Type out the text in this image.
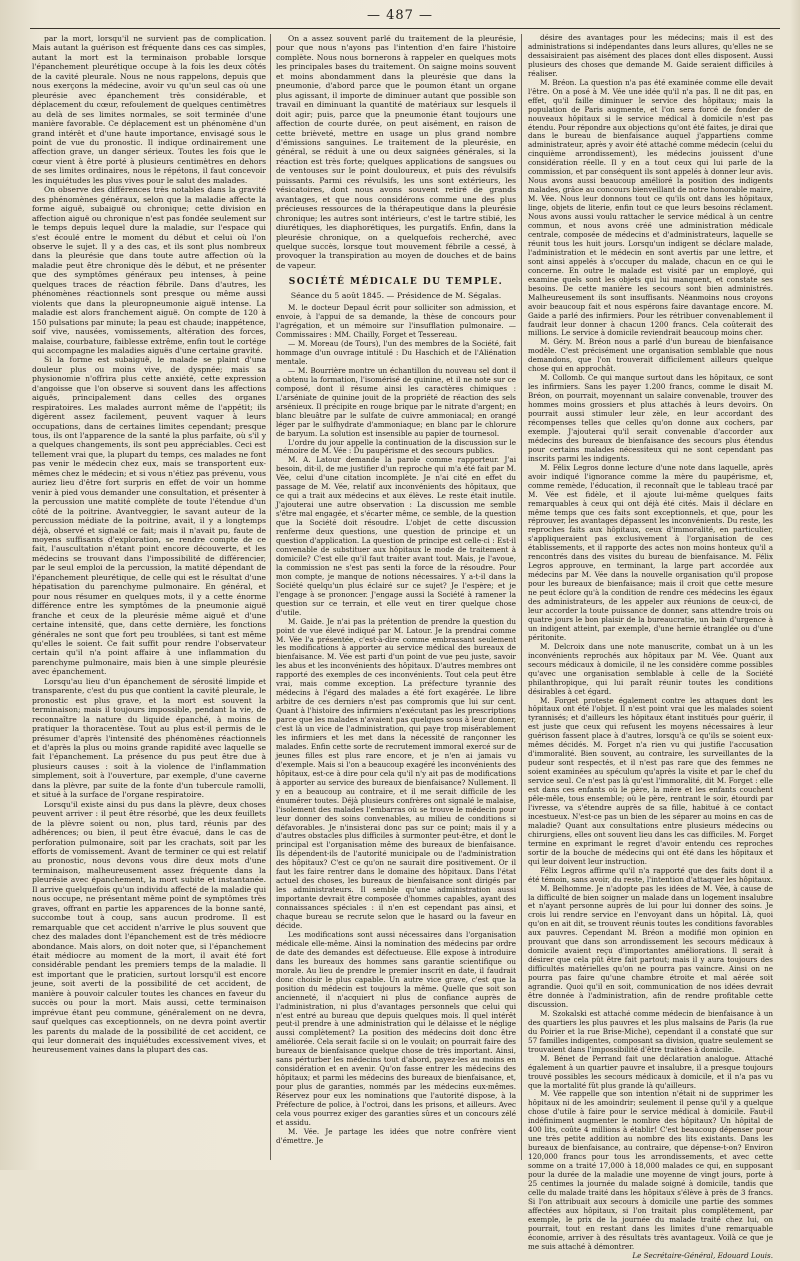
— 487 —

par la mort, lorsqu'il ne survient pas de complication. Mais autant la guérison est fréquente dans ces cas simples, autant la mort est la terminaison probable lorsque l'épanchement pleurétique occupe à la fois les deux côtés de la cavité pleurale. Nous ne nous rappelons, depuis que nous exerçons la médecine, avoir vu qu'un seul cas où une pleurésie avec épanchement très considérable, et déplacement du cœur, refoulement de quelques centimètres au delà de ses limites normales, se soit terminée d'une manière favorable. Ce déplacement est un phénomène d'un grand intérêt et d'une haute importance, envisagé sous le point de vue du pronostic. Il indique ordinairement une affection grave, un danger sérieux. Toutes les fois que le cœur vient à être porté à plusieurs centimètres en dehors de ses limites ordinaires, nous le répétons, il faut concevoir les inquiétudes les plus vives pour le salut des malades.

On observe des différences très notables dans la gravité des phénomènes généraux, selon que la maladie affecte la forme aiguë, subaiguë ou chronique; cette division en affection aiguë ou chronique n'est pas fondée seulement sur le temps depuis lequel dure la maladie, sur l'espace qui s'est écoulé entre le moment du début et celui où l'on observe le sujet. Il y a des cas, et ils sont plus nombreux dans la pleurésie que dans toute autre affection où la maladie peut être chronique dès le début, et ne présenter que des symptômes généraux peu intenses, à peine quelques traces de réaction fébrile. Dans d'autres, les phénomènes réactionnels sont presque ou même aussi violents que dans la pleuropneumonie aiguë intense. La maladie est alors franchement aiguë. On compte de 120 à 150 pulsations par minute; la peau est chaude; inappétence, soif vive, nausées, vomissements, altération des forces, malaise, courbature, faiblesse extrême, enfin tout le cortége qui accompagne les maladies aiguës d'une certaine gravité.

Si la forme est subaiguë, le malade se plaint d'une douleur plus ou moins vive, de dyspnée; mais sa physionomie n'offrira plus cette anxiété, cette expression d'angoisse que l'on observe si souvent dans les affections aiguës, principalement dans celles des organes respiratoires. Les malades aurront même de l'appétit; ils digèrent assez facilement, peuvent vaquer à leurs occupations, dans de certaines limites cependant; presque tous, ils ont l'apparence de la santé la plus parfaite, où s'il y a quelques changements, ils sont peu appréciables. Ceci est tellement vrai que, la plupart du temps, ces malades ne font pas venir le médecin chez eux, mais se transportent eux-mêmes chez le médecin; et si vous n'étiez pas prévenu, vous auriez lieu d'être fort surpris en effet de voir un homme venir à pied vous demander une consultation, et présenter à la percussion une matité complète de toute l'étendue d'un côté de la poitrine. Avantveggier, le savant auteur de la percussion médiate de la poitrine, avait, il y a longtemps déjà, observé et signalé ce fait; mais il n'avait pu, faute de moyens suffisants d'exploration, se rendre compte de ce fait, l'auscultation n'étant point encore découverte, et les médecins se trouvant dans l'impossibilité de différencier, par le seul emploi de la percussion, la matité dépendant de l'épanchement pleurétique, de celle qui est le résultat d'une hépatisation du parenchyme pulmonaire. En général, et pour nous résumer en quelques mots, il y a cette énorme différence entre les symptômes de la pneumonie aiguë franche et ceux de la pleurésie même aiguë et d'une certaine intensité, que, dans cette dernière, les fonctions générales ne sont que fort peu troublées, si tant est même qu'elles le soient. Ce fait suffit pour rendre l'observateur certain qu'il n'a point affaire à une inflammation du parenchyme pulmonaire, mais bien à une simple pleurésie avec épanchement.

Lorsqu'au lieu d'un épanchement de sérosité limpide et transparente, c'est du pus que contient la cavité pleurale, le pronostic est plus grave, et la mort est souvent la terminaison; mais il toujours impossible, pendant la vie, de reconnaître la nature du liquide épanché, à moins de pratiquer la thoracentèse. Tout au plus est-il permis de le présumer d'après l'intensité des phénomènes réactionnels et d'après la plus ou moins grande rapidité avec laquelle se fait l'épanchement. La présence du pus peut être due à plusieurs causes : soit à la violence de l'inflammation simplement, soit à l'ouverture, par exemple, d'une caverne dans la plèvre, par suite de la fonte d'un tubercule ramolli, et situé à la surface de l'organe respiratoire.

Lorsqu'il existe ainsi du pus dans la plèvre, deux choses peuvent arriver : il peut être résorbé, que les deux feuillets de la plèvre soient ou non, plus tard, réunis par des adhérences; ou bien, il peut être évacué, dans le cas de perforation pulmonaire, soit par les crachats, soit par les efforts de vomissement. Avant de terminer ce qui est relatif au pronostic, nous devons vous dire deux mots d'une terminaison, malheureusement assez fréquente dans la pleurésie avec épanchement, la mort subite et instantanée. Il arrive quelquefois qu'un individu affecté de la maladie qui nous occupe, ne présentant même point de symptômes très graves, offrant en partie les apparences de la bonne santé, succombe tout à coup, sans aucun prodrome. Il est remarquable que cet accident n'arrive le plus souvent que chez des malades dont l'épanchement est de très médiocre abondance. Mais alors, on doit noter que, si l'épanchement était médiocre au moment de la mort, il avait été fort considérable pendant les premiers temps de la maladie. Il est important que le praticien, surtout lorsqu'il est encore jeune, soit averti de la possibilité de cet accident, de manière à pouvoir calculer toutes les chances en faveur du succès ou pour la mort. Mais aussi, cette terminaison imprévue étant peu commune, généralement on ne devra, sauf quelques cas exceptionnels, on ne devra point avertir les parents du malade de la possibilité de cet accident, ce qui leur donnerait des inquiétudes excessivement vives, et heureusement vaines dans la plupart des cas.

On a assez souvent parlé du traitement de la pleurésie, pour que nous n'ayons pas l'intention d'en faire l'histoire complète. Nous nous bornerons à rappeler en quelques mots les principales bases du traitement. On saigne moins souvent et moins abondamment dans la pleurésie que dans la pneumonie, d'abord parce que le poumon étant un organe plus agissant, il importe de diminuer autant que possible son travail en diminuant la quantité de matériaux sur lesquels il doit agir; puis, parce que la pneumonie étant toujours une affection de courte durée, on peut aisément, en raison de cette brièveté, mettre en usage un plus grand nombre d'émissions sanguines. Le traitement de la pleurésie, en général, se réduit à une ou deux saignées générales, si la réaction est très forte; quelques applications de sangsues ou de ventouses sur le point douloureux, et puis des révulsifs puissants. Parmi ces révulsifs, les uns sont extérieurs, les vésicatoires, dont nous avons souvent retiré de grands avantages, et que nous considérons comme une des plus précieuses ressources de la thérapeutique dans la pleurésie chronique; les autres sont intérieurs, c'est le tartre stibié, les diurétiques, les diaphorétiques, les purgatifs. Enfin, dans la pleurésie chronique, on a quelquefois recherché, avec quelque succès, lorsque tout mouvement fébrile a cessé, à provoquer la transpiration au moyen de douches et de bains de vapeur.

SOCIÉTÉ MÉDICALE DU TEMPLE.
Séance du 5 août 1845. — Présidence de M. Ségalas.

M. le docteur Depaul écrit pour solliciter son admission, et envoie, à l'appui de sa demande, la thèse de concours pour l'agrégation, et un mémoire sur l'insufflation pulmonaire. — Commissaires : MM. Chailly, Forget et Tessereau.

— M. Moreau (de Tours), l'un des membres de la Société, fait hommage d'un ouvrage intitulé : Du Haschich et de l'Aliénation mentale.

— M. Bourrière montre un échantillon du nouveau sel dont il a obtenu la formation, l'isomérisé de quinine, et il ne note sur ce composé, dont il résume ainsi les caractères chimiques : L'arséniate de quinine jouit de la propriété de réaction des sels arsénieux. Il précipite en rouge brique par le nitrate d'argent; en blanc bleuâtre par le sulfate de cuivre ammoniacal; en orangé léger par le sulfhydrate d'ammoniaque; en blanc par le chlorure de baryum. La solution est insensible au papier de tournesol.

L'ordre du jour appelle la continuation de la discussion sur le mémoire de M. Vée : Du paupérisme et des secours publics.

M. A. Latour demande la parole comme rapporteur. J'ai besoin, dit-il, de me justifier d'un reproche qui m'a été fait par M. Vée, celui d'une citation incomplète. Je n'ai cité en effet du passage de M. Vée, relatif aux inconvénients des hôpitaux, que ce qui a trait aux médecins et aux élèves. Le reste était inutile. J'ajouterai une autre observation : La discussion me semble s'être mal engagée, et s'écarter même, ce semble, de la question que la Société doit résoudre. L'objet de cette discussion renferme deux questions, une question de principe et un question d'application. La question de principe est celle-ci : Est-il convenable de substituer aux hôpitaux le mode de traitement à domicile? C'est elle qu'il faut traiter avant tout. Mais, je l'avoue, la commission ne s'est pas senti la force de la résoudre. Pour mon compte, je manque de notions nécessaires. Y a-t-il dans la Société quelqu'un plus éclairé sur ce sujet? Je l'espère; et je l'engage à se prononcer. J'engage aussi la Société à ramener la question sur ce terrain, et elle veut en tirer quelque chose d'utile.

M. Gaide. Je n'ai pas la prétention de prendre la question du point de vue élevé indiqué par M. Latour. Je la prendrai comme M. Vée l'a présentée, c'est-à-dire comme embrassant seulement les modifications à apporter au service médical des bureaux de bienfaisance. M. Vée est parti d'un point de vue peu juste, savoir les abus et les inconvénients des hôpitaux. D'autres membres ont rapporté des exemples de ces inconvénients. Tout cela peut être vrai, mais comme exception. La préfecture tyrannie des médecins à l'égard des malades a été fort exagérée. Le libre arbitre de ces derniers n'est pas compromis que lui sur cent. Quant à l'histoire des infirmiers n'exécutant pas les prescriptions parce que les malades n'avaient pas quelques sous à leur donner, c'est là un vice de l'administration, qui paye trop misérablement les infirmiers et les met dans la nécessité de rançonner les malades. Enfin cette sorte de recrutement immoral exercé sur de jeunes filles est plus rare encore, et je n'en ai jamais vu d'exemple. Mais si l'on a beaucoup exagéré les inconvénients des hôpitaux, est-ce à dire pour cela qu'il n'y ait pas de modifications à apporter au service des bureaux de bienfaisance? Nullement. Il y en a beaucoup au contraire, et il me serait difficile de les énumérer toutes. Déjà plusieurs confrères ont signalé le malaise, l'isolement des malades l'embarras où se trouve le médecin pour leur donner des soins convenables, au milieu de conditions si défavorables. Je n'insisterai donc pas sur ce point; mais il y a d'autres obstacles plus difficiles à surmonter peut-être, et dont le principal est l'organisation même des bureaux de bienfaisance. Ils dépendent-ils de l'autorité municipale ou de l'administration des hôpitaux? C'est ce qu'on ne saurait dire positivement. Or il faut les faire rentrer dans le domaine des hôpitaux. Dans l'état actuel des choses, les bureaux de bienfaisance sont dirigés par les administrateurs. Il semble qu'une administration aussi importante devrait être composée d'hommes capables, ayant des connaissances spéciales : il n'en est cependant pas ainsi, et chaque bureau se recrute selon que le hasard ou la faveur en décide.

Les modifications sont aussi nécessaires dans l'organisation médicale elle-même. Ainsi la nomination des médecins par ordre de date des demandes est défectueuse. Elle expose à introduire dans les bureaux des hommes sans garantie scientifique ou morale. Au lieu de prendre le premier inscrit en date, il faudrait donc choisir le plus capable. Un autre vice grave, c'est que la position du médecin est toujours la même. Quelle que soit son ancienneté, il n'acquiert ni plus de confiance auprès de l'administration, ni plus d'avantages personnels que celui qui n'est entré au bureau que depuis quelques mois. Il quel intérêt peut-il prendre à une administration qui le délaisse et le néglige aussi complètement? La position des médecins doit donc être améliorée. Cela serait facile si on le voulait; on pourrait faire des bureaux de bienfaisance quelque chose de très important. Ainsi, sans pérturber les médecins tout d'abord, payez-les au moins en considération et en avenir. Qu'on fasse entrer les médecins des hôpitaux; et parmi les médecins des bureaux de bienfaisance, et, pour plus de garanties, nommés par les médecins eux-mêmes. Réservez pour eux les nominations que l'autorité dispose, à la Préfecture de police, à l'octroi, dans les prisons, et ailleurs. Avec cela vous pourrez exiger des garanties sûres et un concours zélé et assidu.

M. Vée. Je partage les idées que notre confrère vient d'émettre. Je

désire des avantages pour les médecins; mais il est des administrations si indépendantes dans leurs allures, qu'elles ne se dessaisiraient pas aisément des places dont elles disposent. Aussi plusieurs des choses que demande M. Gaide seraient difficiles à réaliser.

M. Bréon. La question n'a pas été examinée comme elle devait l'être. On a posé à M. Vée une idée qu'il n'a pas. Il ne dit pas, en effet, qu'il faille diminuer le service des hôpitaux; mais la population de Paris augmente, et l'on sera forcé de fonder de nouveaux hôpitaux si le service médical à domicile n'est pas étendu. Pour répondre aux objections qu'ont été faites, je dirai que dans le bureau de bienfaisance auquel j'appartiens comme administrateur, après y avoir été attaché comme médecin (celui du cinquième arrondissement), les médecins jouissent d'une considération réelle. Il y en a tout ceux qui lui parle de la commission, et par conséquent ils sont appelés à donner leur avis. Nous avons aussi beaucoup amélioré la position des indigents malades, grâce au concours bienveillant de notre honorable maire, M. Vée. Nous leur donnons tout ce qu'ils ont dans les hôpitaux, linge, objets de literie, enfin tout ce que leurs besoins réclament. Nous avons aussi voulu rattacher le service médical à un centre commun, et nous avons créé une administration médicale centrale, composée de médecins et d'administrateurs, laquelle se réunit tous les huit jours. Lorsqu'un indigent se déclare malade, l'administration et le médecin en sont avertis par une lettre, et sont ainsi appelés à s'occuper du malade, chacun en ce qui le concerne. En outre le malade est visité par un employé, qui examine quels sont les objets qui lui manquent, et constate ses besoins. De cette manière les secours sont bien administrés. Malheureusement ils sont insuffisants. Néanmoins nous croyons avoir beaucoup fait et nous espérons faire davantage encore. M. Gaide a parlé des infirmiers. Pour les rétribuer convenablement il faudrait leur donner à chacun 1200 francs. Cela coûterait des millions. Le service à domicile reviendrait beaucoup moins cher.

M. Géry. M. Bréon nous a parlé d'un bureau de bienfaisance modèle. C'est précisément une organisation semblable que nous demandons, que l'on trouverait difficilement ailleurs quelque chose qui en approchât.

M. Collomb. Ce qui manque surtout dans les hôpitaux, ce sont les infirmiers. Sans les payer 1.200 francs, comme le disait M. Bréon, on pourrait, moyennant un salaire convenable, trouver des hommes moins grossiers et plus attachés à leurs devoirs. On pourrait aussi stimuler leur zèle, en leur accordant des récompenses telles que celles qu'on donne aux cochers, par exemple. J'ajouterai qu'il serait convenable d'accorder aux médecins des bureaux de bienfaisance des secours plus étendus pour certains malades nécessiteux qui ne sont cependant pas inscrits parmi les indigents.

M. Félix Legros donne lecture d'une note dans laquelle, après avoir indiqué l'ignorance comme la mère du paupérisme, et, comme remède, l'éducation, il reconnaît que le tableau tracé par M. Vée est fidèle, et il ajoute lui-même quelques faits remarquables à ceux qui ont déjà été cités. Mais il déclare en même temps que ces faits sont exceptionnels, et que, pour les réprouver, les avantages dépassent les inconvénients. Du reste, les reproches faits aux hôpitaux, ceux d'immoralité, en particulier, s'appliqueraient pas exclusivement à l'organisation de ces établissements, et il rapporte des actes non moins honteux qu'il a rencontrés dans des visites du bureau de bienfaisance. M. Félix Legros approuve, en terminant, la large part accordée aux médecins par M. Vée dans la nouvelle organisation qu'il propose pour les bureaux de bienfaisance; mais il croit que cette mesure ne peut éclore qu'à la condition de rendre ces médecins les égaux des administrateurs, de les appeler aux réunions de ceux-ci, de leur accorder la toute puissance de donner, sans attendre trois ou quatre jours le bon plaisir de la bureaucratie, un bain d'urgence à un indigent atteint, par exemple, d'une hernie étranglée ou d'une péritonite.

M. Delcroix dans une note manuscrite, combat un à un les inconvénients reprochés aux hôpitaux par M. Vée. Quant aux secours médicaux à domicile, il ne les considère comme possibles qu'avec une organisation semblable à celle de la Société philanthropique, qui lui paraît réunir toutes les conditions désirables à cet égard.

M. Forget proteste également contre les attaques dont les hôpitaux ont été l'objet. Il n'est point vrai que les malades soient tyrannisés; et d'ailleurs les hôpitaux étant institués pour guérir, il est juste que ceux qui refusent les moyens nécessaires à leur guérison fassent place à d'autres, lorsqu'à ce qu'ils se soient eux-mêmes décidés. M. Forget n'a rien vu qui justifie l'accusation d'immoralité. Bien souvent, au contraire, les surveillantes de la pudeur sont respectés, et il n'est pas rare que des femmes ne soient examinées au spéculum qu'après la visite et par le chef du service seul. Ce n'est pas là qu'est l'immoralité, dit M. Forget : elle est dans ces enfants où le père, la mère et les enfants couchent pêle-mêle, tous ensemble; où le père, rentrant le soir, étourdi par l'ivresse, va s'étendre auprès de sa fille, habitué à ce contact incestueux. N'est-ce pas un bien de les séparer au moins en cas de maladie? Quant aux consultations entre plusieurs médecins ou chirurgiens, elles ont souvent lieu dans les cas difficiles. M. Forget termine en exprimant le regret d'avoir entendu ces reproches sortir de la bouche de médecins qui ont été dans les hôpitaux et qui leur doivent leur instruction.

Félix Legros affirme qu'il n'a rapporté que des faits dont il a été témoin, sans avoir, du reste, l'intention d'attaquer les hôpitaux.

M. Belhomme. Je n'adopte pas les idées de M. Vée, à cause de la difficulté de bien soigner un malade dans un logement insalubre et n'ayant personne auprès de lui pour lui donner des soins. Je crois lui rendre service en l'envoyant dans un hôpital. Là, quoi qu'on en ait dit, se trouvent réunis toutes les conditions favorables aux pauvres. Cependant M. Bréon a modifié mon opinion en prouvant que dans son arrondissement les secours médicaux à domicile avaient reçu d'importantes améliorations. Il serait à désirer que cela pût être fait partout; mais il y aura toujours des difficultés matérielles qu'on ne pourra pas vaincre. Ainsi on ne pourra pas faire qu'une chambre étroite et mal aérée soit agrandie. Quoi qu'il en soit, communication de nos idées devrait être donnée à l'administration, afin de rendre profitable cette discussion.

M. Szokalski est attaché comme médecin de bienfaisance à un des quartiers les plus pauvres et les plus malsains de Paris (la rue du Poirier et la rue Brise-Miche), cependant il a constaté que sur 57 familles indigentes, composant sa division, quatre seulement se trouvaient dans l'impossibilité d'être traitées à domicile.

M. Bénet de Perrand fait une déclaration analogue. Attaché également à un quartier pauvre et insalubre, il a presque toujours trouvé possibles les secours médicaux à domicile, et il n'a pas vu que la mortalité fût plus grande là qu'ailleurs.

M. Vée rappelle que son intention n'était ni de supprimer les hôpitaux ni de les amoindrir; seulement il pense qu'il y a quelque chose d'utile à faire pour le service médical à domicile. Faut-il indéfiniment augmenter le nombre des hôpitaux? Un hôpital de 400 lits, coûte 4 millions à établir! C'est beaucoup dépenser pour une très petite addition au nombre des lits existants. Dans les bureaux de bienfaisance, au contraire, que dépense-t-on? Environ 120,000 francs pour tous les arrondissements, et avec cette somme on a traité 17,000 à 18,000 malades ce qui, en supposant pour la durée de la maladie une moyenne de vingt jours, porte à 25 centimes la journée du malade soigné à domicile, tandis que celle du malade traité dans les hôpitaux s'élève à près de 3 francs. Si l'on attribuait aux secours à domicile une partie des sommes affectées aux hôpitaux, si l'on traitait plus complètement, par exemple, le prix de la journée du malade traité chez lui, on pourrait, tout en restant dans les limites d'une remarquable économie, arriver à des résultats très avantageux. Voilà ce que je me suis attaché à démontrer.

Le Secrétaire-Général, Edouard Louis.
